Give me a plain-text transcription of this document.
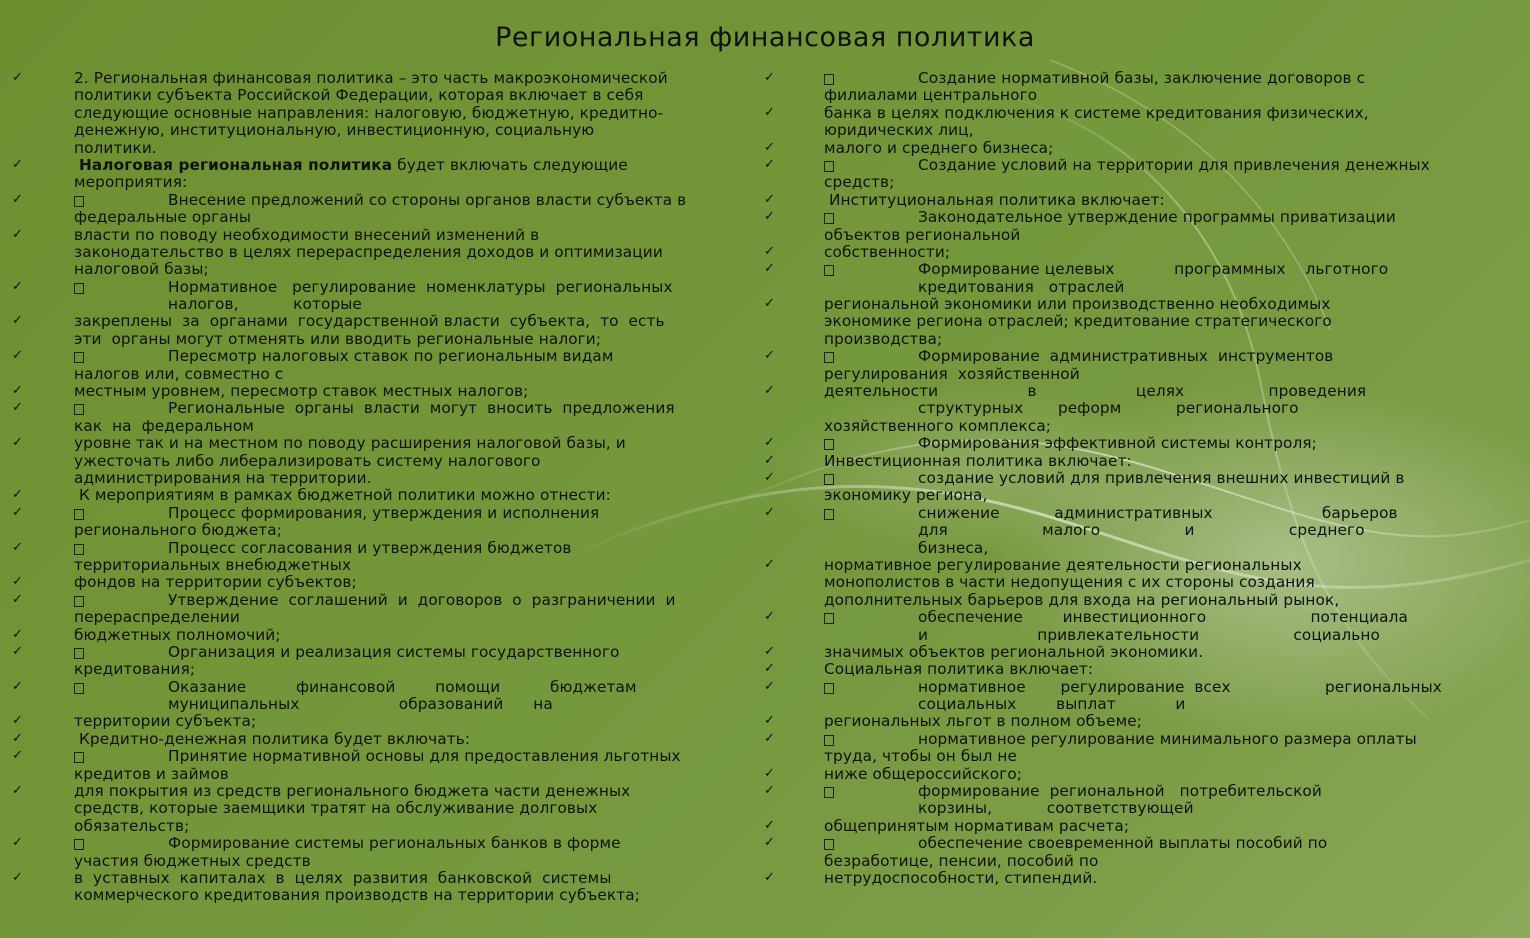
Региональная финансовая политика
✓	2. Региональная финансовая политика – это часть макроэкономической
политики субъекта Российской Федерации, которая включает в себя
следующие основные направления: налоговую, бюджетную, кредитно-
денежную, институциональную, инвестиционную, социальную
политики.
✓	Налоговая региональная политика будет включать следующие
мероприятия:
✓	Внесение предложений со стороны органов власти субъекта в
федеральные органы
✓	власти по поводу необходимости внесений изменений в
законодательство в целях перераспределения доходов и оптимизации
налоговой базы;
✓	Нормативное   регулирование  номенклатуры  региональных
налогов,           которые
✓	закреплены  за  органами  государственной власти  субъекта,  то  есть
эти  органы могут отменять или вводить региональные налоги;
✓	Пересмотр налоговых ставок по региональным видам
налогов или, совместно с
✓	местным уровнем, пересмотр ставок местных налогов;
✓	Региональные  органы  власти  могут  вносить  предложения
как  на  федеральном
✓	уровне так и на местном по поводу расширения налоговой базы, и
ужесточать либо либерализировать систему налогового
администрирования на территории.
✓	К мероприятиям в рамках бюджетной политики можно отнести:
✓	Процесс формирования, утверждения и исполнения
регионального бюджета;
✓	Процесс согласования и утверждения бюджетов
территориальных внебюджетных
✓	фондов на территории субъектов;
✓	Утверждение  соглашений  и  договоров  о  разграничении  и
перераспределении
✓	бюджетных полномочий;
✓	Организация и реализация системы государственного
кредитования;
✓	Оказание          финансовой        помощи          бюджетам
муниципальных                    образований      на
✓	территории субъекта;
✓	Кредитно-денежная политика будет включать:
✓	Принятие нормативной основы для предоставления льготных
кредитов и займов
✓	для покрытия из средств регионального бюджета части денежных
средств, которые заемщики тратят на обслуживание долговых
обязательств;
✓	Формирование системы региональных банков в форме
участия бюджетных средств
✓	в  уставных  капиталах  в  целях  развития  банковской  системы
коммерческого кредитования производств на территории субъекта;
✓	Создание нормативной базы, заключение договоров с
филиалами центрального
✓	банка в целях подключения к системе кредитования физических,
юридических лиц,
✓	малого и среднего бизнеса;
✓	Создание условий на территории для привлечения денежных
средств;
✓	Институциональная политика включает:
✓	Законодательное утверждение программы приватизации
объектов региональной
✓	собственности;
✓	Формирование целевых            программных    льготного
кредитования   отраслей
✓	региональной экономики или производственно необходимых
экономике региона отраслей; кредитование стратегического
производства;
✓	Формирование  административных  инструментов
регулирования  хозяйственной
✓	деятельности                  в                    целях                 проведения
структурных       реформ           регионального
хозяйственного комплекса;
✓	Формирования эффективной системы контроля;
✓	Инвестиционная политика включает:
✓	создание условий для привлечения внешних инвестиций в
экономику региона,
✓	снижение           административных                      барьеров
для                   малого                 и                   среднего
бизнеса,
✓	нормативное регулирование деятельности региональных
монополистов в части недопущения с их стороны создания
дополнительных барьеров для входа на региональный рынок,
✓	обеспечение        инвестиционного                     потенциала
и                      привлекательности                   социально
✓	значимых объектов региональной экономики.
✓	Социальная политика включает:
✓	нормативное       регулирование  всех                   региональных
социальных        выплат            и
✓	региональных льгот в полном объеме;
✓	нормативное регулирование минимального размера оплаты
труда, чтобы он был не
✓	ниже общероссийского;
✓	формирование  региональной   потребительской
корзины,           соответствующей
✓	общепринятым нормативам расчета;
✓	обеспечение своевременной выплаты пособий по
безработице, пенсии, пособий по
✓	нетрудоспособности, стипендий.
